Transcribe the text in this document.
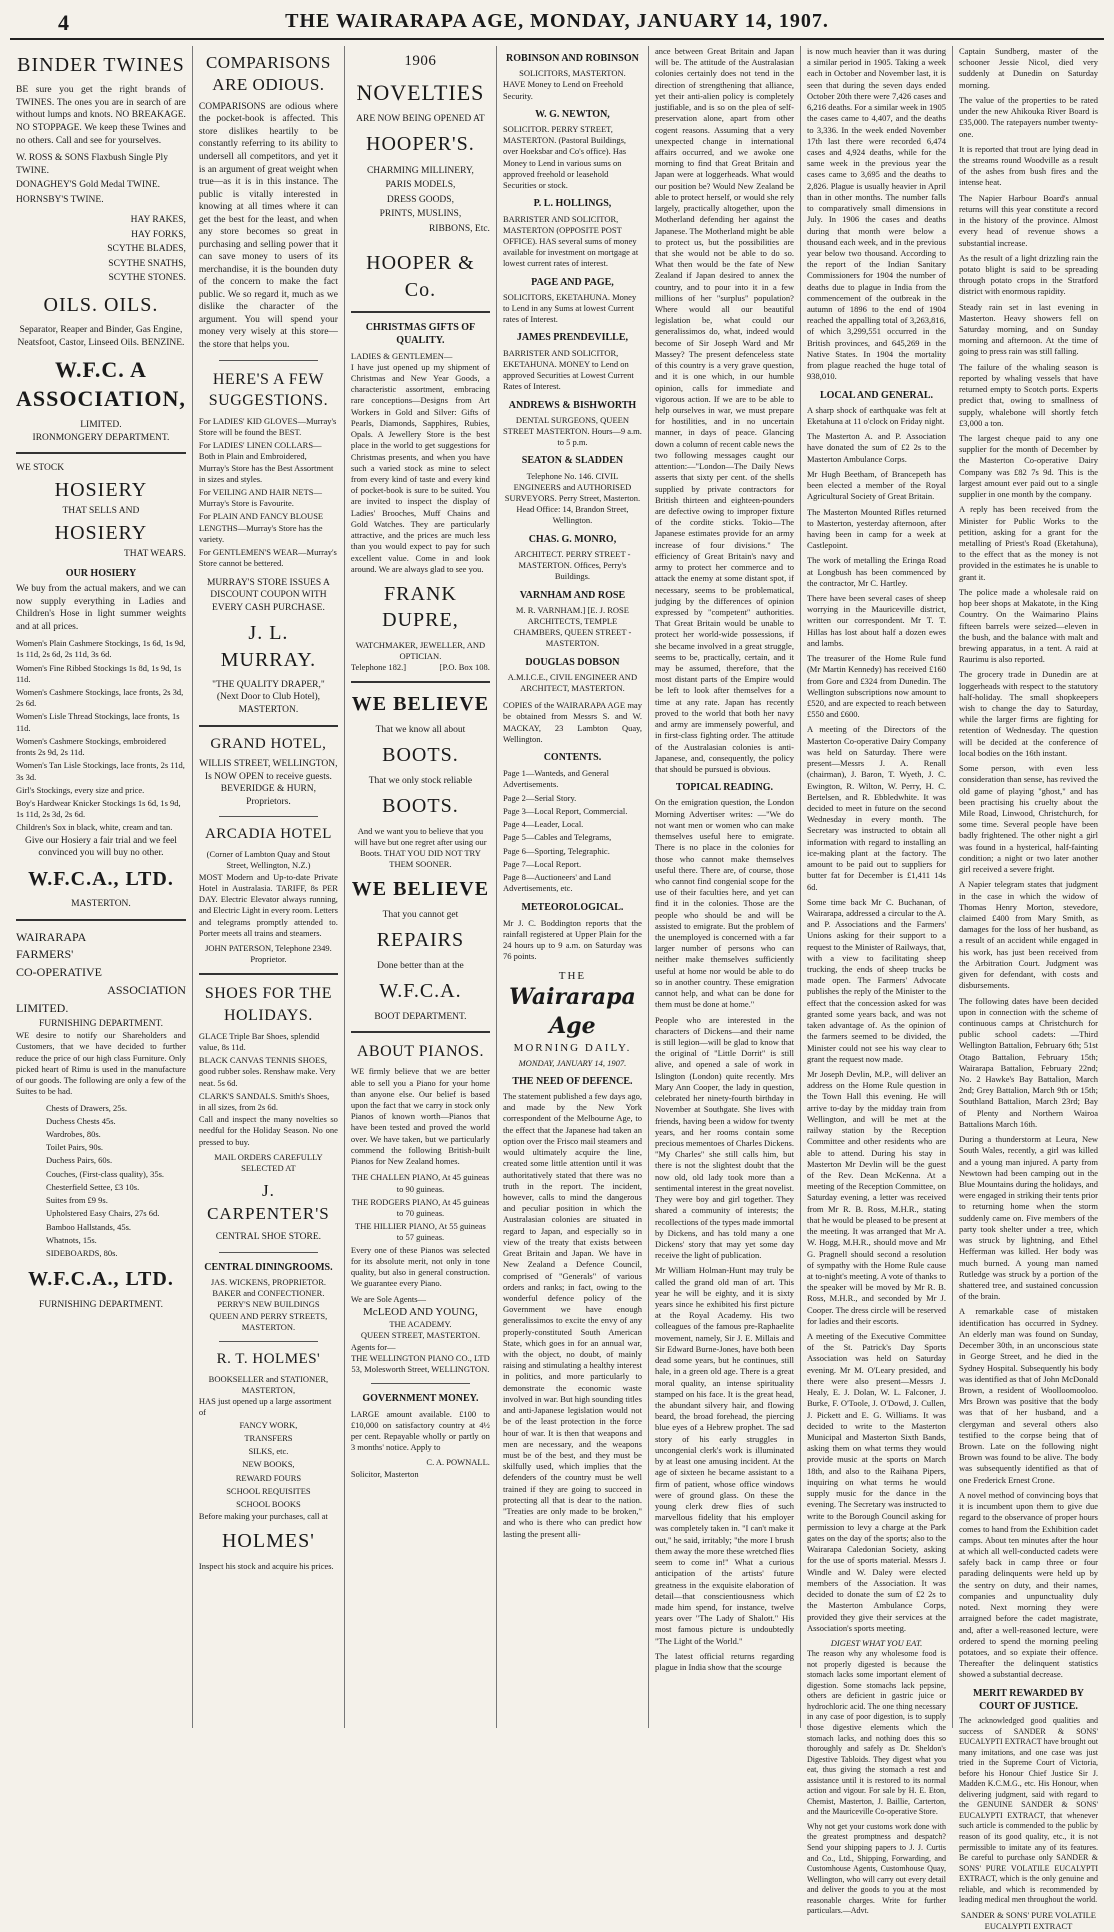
4	THE WAIRARAPA AGE, MONDAY, JANUARY 14, 1907.
BINDER TWINES

BE sure you get the right brands of TWINES. The ones you are in search of are without lumps and knots. NO BREAKAGE. NO STOPPAGE. We keep these Twines and no others. Call and see for yourselves.

W. ROSS & SONS Flaxbush Single Ply TWINE.
DONAGHEY'S Gold Medal TWINE.
HORNSBY'S TWINE.
HAY RAKES,
HAY FORKS,
SCYTHE BLADES,
SCYTHE SNATHS,
SCYTHE STONES.
OILS. OILS.

Separator, Reaper and Binder, Gas Engine, Neatsfoot, Castor, Linseed Oils. BENZINE.

W.F.C. A ASSOCIATION,
LIMITED.
IRONMONGERY DEPARTMENT.
WE STOCK
HOSIERY
THAT SELLS AND
HOSIERY
THAT WEARS.
OUR HOSIERY

We buy from the actual makers, and we can now supply everything in Ladies and Children's Hose in light summer weights and at all prices.

Women's Plain Cashmere Stockings, 1s 6d, 1s 9d, 1s 11d, 2s 6d, 2s 11d, 3s 6d.
Women's Fine Ribbed Stockings 1s 8d, 1s 9d, 1s 11d.
Women's Cashmere Stockings, lace fronts, 2s 3d, 2s 6d.
Women's Lisle Thread Stockings, lace fronts, 1s 11d.
Women's Cashmere Stockings, embroidered fronts 2s 9d, 2s 11d.
Women's Tan Lisle Stockings, lace fronts, 2s 11d, 3s 3d.
Girl's Stockings, every size and price.
Boy's Hardwear Knicker Stockings 1s 6d, 1s 9d, 1s 11d, 2s 3d, 2s 6d.
Children's Sox in black, white, cream and tan.

Give our Hosiery a fair trial and we feel convinced you will buy no other.

W.F.C.A., LTD.
MASTERTON.
WAIRARAPA
FARMERS'
CO-OPERATIVE
ASSOCIATION
LIMITED.
FURNISHING DEPARTMENT.

WE desire to notify our Shareholders and Customers, that we have decided to further reduce the price of our high class Furniture. Only picked heart of Rimu is used in the manufacture of our goods. The following are only a few of the Suites to be had.

Chests of Drawers, 25s.
Duchess Chests 45s.
Wardrobes, 80s.
Toilet Pairs, 90s.
Duchess Pairs, 60s.
Couches, (First-class quality), 35s.
Chesterfield Settee, £3 10s.
Suites from £9 9s.
Upholstered Easy Chairs, 27s 6d.
Bamboo Hallstands, 45s.
Whatnots, 15s.
SIDEBOARDS, 80s.
W.F.C.A., LTD.
FURNISHING DEPARTMENT.
COMPARISONS ARE ODIOUS.

COMPARISONS are odious where the pocket-book is affected. This store dislikes heartily to be constantly referring to its ability to undersell all competitors, and yet it is an argument of great weight when true—as it is in this instance. The public is vitally interested in knowing at all times where it can get the best for the least, and when any store becomes so great in purchasing and selling power that it can save money to users of its merchandise, it is the bounden duty of the concern to make the fact public. We so regard it, much as we dislike the character of the argument. You will spend your money very wisely at this store—the store that helps you.

HERE'S A FEW SUGGESTIONS.
For LADIES' KID GLOVES—Murray's Store will be found the BEST.
For LADIES' LINEN COLLARS—Both in Plain and Embroidered, Murray's Store has the Best Assortment in sizes and styles.
For VEILING AND HAIR NETS—Murray's Store is Favourite.
For PLAIN AND FANCY BLOUSE LENGTHS—Murray's Store has the variety.
For GENTLEMEN'S WEAR—Murray's Store cannot be bettered.

MURRAY'S STORE ISSUES A DISCOUNT COUPON WITH EVERY CASH PURCHASE.

J. L. MURRAY.
"THE QUALITY DRAPER,"
(Next Door to Club Hotel), MASTERTON.
GRAND HOTEL,
WILLIS STREET, WELLINGTON,
Is NOW OPEN to receive guests.
BEVERIDGE & HURN, Proprietors.
ARCADIA HOTEL
(Corner of Lambton Quay and Stout Street, Wellington, N.Z.)

MOST Modern and Up-to-date Private Hotel in Australasia. TARIFF, 8s PER DAY. Electric Elevator always running, and Electric Light in every room. Letters and telegrams promptly attended to. Porter meets all trains and steamers.

JOHN PATERSON, Telephone 2349. Proprietor.
SHOES FOR THE HOLIDAYS.
GLACE Triple Bar Shoes, splendid value, 8s 11d.
BLACK CANVAS TENNIS SHOES, good rubber soles. Renshaw make. Very neat. 5s 6d.
CLARK'S SANDALS. Smith's Shoes, in all sizes, from 2s 6d.

Call and inspect the many novelties so needful for the Holiday Season. No one pressed to buy.

MAIL ORDERS CAREFULLY SELECTED AT
J. CARPENTER'S
CENTRAL SHOE STORE.
CENTRAL DININGROOMS.
JAS. WICKENS, PROPRIETOR.
BAKER and CONFECTIONER. PERRY'S NEW BUILDINGS
QUEEN AND PERRY STREETS, MASTERTON.
R. T. HOLMES'
BOOKSELLER and STATIONER, MASTERTON,
HAS just opened up a large assortment of
FANCY WORK,
TRANSFERS
SILKS, etc.
NEW BOOKS,
REWARD FOURS
SCHOOL REQUISITES
SCHOOL BOOKS
Before making your purchases, call at
HOLMES'
Inspect his stock and acquire his prices.
1906
NOVELTIES
ARE NOW BEING OPENED AT
HOOPER'S.
CHARMING MILLINERY,
PARIS MODELS,
DRESS GOODS,
PRINTS, MUSLINS,
RIBBONS, Etc.
HOOPER & Co.
CHRISTMAS GIFTS OF QUALITY.
LADIES & GENTLEMEN—

I have just opened up my shipment of Christmas and New Year Goods, a characteristic assortment, embracing rare conceptions—Designs from Art Workers in Gold and Silver: Gifts of Pearls, Diamonds, Sapphires, Rubies, Opals. A Jewellery Store is the best place in the world to get suggestions for Christmas presents, and when you have such a varied stock as mine to select from every kind of taste and every kind of pocket-book is sure to be suited. You are invited to inspect the display of Ladies' Brooches, Muff Chains and Gold Watches. They are particularly attractive, and the prices are much less than you would expect to pay for such excellent value. Come in and look around. We are always glad to see you.

FRANK DUPRE,
WATCHMAKER, JEWELLER, AND OPTICIAN.
Telephone 182.]	[P.O. Box 108.
WE BELIEVE
That we know all about
BOOTS.
That we only stock reliable
BOOTS.

And we want you to believe that you will have but one regret after using our Boots. THAT YOU DID NOT TRY THEM SOONER.

WE BELIEVE
That you cannot get
REPAIRS
Done better than at the
W.F.C.A.
BOOT DEPARTMENT.
ABOUT PIANOS.

WE firmly believe that we are better able to sell you a Piano for your home than anyone else. Our belief is based upon the fact that we carry in stock only Pianos of known worth—Pianos that have been tested and proved the world over. We have taken, but we particularly commend the following British-built Pianos for New Zealand homes.

THE CHALLEN PIANO, At 45 guineas to 90 guineas.
THE RODGERS PIANO, At 45 guineas to 70 guineas.
THE HILLIER PIANO, At 55 guineas to 57 guineas.

Every one of these Pianos was selected for its absolute merit, not only in tone quality, but also in general construction. We guarantee every Piano.

We are Sole Agents—
McLEOD AND YOUNG,
THE ACADEMY.
QUEEN STREET, MASTERTON.
Agents for—
THE WELLINGTON PIANO CO., LTD 53, Molesworth Street, WELLINGTON.
GOVERNMENT MONEY.

LARGE amount available. £100 to £10,000 on satisfactory country at 4½ per cent. Repayable wholly or partly on 3 months' notice. Apply to

C. A. POWNALL.
Solicitor, Masterton
ROBINSON AND ROBINSON
SOLICITORS, MASTERTON.
HAVE Money to Lend on Freehold Security.
W. G. NEWTON,
SOLICITOR. PERRY STREET, MASTERTON. (Pastoral Buildings, over Hoeksbar and Co's office). Has Money to Lend in various sums on approved freehold or leasehold Securities or stock.
P. L. HOLLINGS,
BARRISTER AND SOLICITOR, MASTERTON (OPPOSITE POST OFFICE). HAS several sums of money available for investment on mortgage at lowest current rates of interest.
PAGE AND PAGE,
SOLICITORS, EKETAHUNA. Money to Lend in any Sums at lowest Current rates of Interest.
JAMES PRENDEVILLE,
BARRISTER AND SOLICITOR, EKETAHUNA. MONEY to Lend on approved Securities at Lowest Current Rates of Interest.
ANDREWS & BISHWORTH
DENTAL SURGEONS, QUEEN STREET MASTERTON. Hours—9 a.m. to 5 p.m.
SEATON & SLADDEN
Telephone No. 146. CIVIL ENGINEERS and AUTHORISED SURVEYORS. Perry Street, Masterton. Head Office: 14, Brandon Street, Wellington.
CHAS. G. MONRO,
ARCHITECT. PERRY STREET - MASTERTON. Offices, Perry's Buildings.
VARNHAM AND ROSE
M. R. VARNHAM.] [E. J. ROSE ARCHITECTS, TEMPLE CHAMBERS, QUEEN STREET - MASTERTON.
DOUGLAS DOBSON
A.M.I.C.E., CIVIL ENGINEER AND ARCHITECT, MASTERTON.

COPIES of the WAIRARAPA AGE may be obtained from Messrs S. and W. MACKAY, 23 Lambton Quay, Wellington.

CONTENTS.
Page 1—Wanteds, and General Advertisements.
Page 2—Serial Story.
Page 3—Local Report, Commercial.
Page 4—Leader, Local.
Page 5—Cables and Telegrams,
Page 6—Sporting, Telegraphic.
Page 7—Local Report.
Page 8—Auctioneers' and Land Advertisements, etc.
METEOROLOGICAL.

Mr J. C. Boddington reports that the rainfall registered at Upper Plain for the 24 hours up to 9 a.m. on Saturday was 76 points.

THE
Wairarapa Age
MORNING DAILY.
MONDAY, JANUARY 14, 1907.
THE NEED OF DEFENCE.

The statement published a few days ago, and made by the New York correspondent of the Melbourne Age, to the effect that the Japanese had taken an option over the Frisco mail steamers and would ultimately acquire the line, created some little attention until it was authoritatively stated that there was no truth in the report. The incident, however, calls to mind the dangerous and peculiar position in which the Australasian colonies are situated in regard to Japan, and especially so in view of the treaty that exists between Great Britain and Japan. We have in New Zealand a Defence Council, comprised of "Generals" of various orders and ranks; in fact, owing to the wonderful defence policy of the Government we have enough generalissimos to excite the envy of any properly-constituted South American State, which goes in for an annual war, with the object, no doubt, of mainly raising and stimulating a healthy interest in politics, and more particularly to demonstrate the economic waste involved in war. But high sounding titles and anti-Japanese legislation would not be of the least protection in the force hour of war. It is then that weapons and men are necessary, and the weapons must be of the best, and they must be skilfully used, which implies that the defenders of the country must be well trained if they are going to succeed in protecting all that is dear to the nation. "Treaties are only made to be broken," and who is there who can predict how lasting the present alli-

ance between Great Britain and Japan will be. The attitude of the Australasian colonies certainly does not tend in the direction of strengthening that alliance, yet their anti-alien policy is completely justifiable, and is so on the plea of self-preservation alone, apart from other cogent reasons. Assuming that a very unexpected change in international affairs occurred, and we awoke one morning to find that Great Britain and Japan were at loggerheads. What would our position be? Would New Zealand be able to protect herself, or would she rely largely, practically altogether, upon the Motherland defending her against the Japanese. The Motherland might be able to protect us, but the possibilities are that she would not be able to do so. What then would be the fate of New Zealand if Japan desired to annex the country, and to pour into it in a few millions of her "surplus" population? Where would all our beautiful legislation be, what could our generalissimos do, what, indeed would become of Sir Joseph Ward and Mr Massey? The present defenceless state of this country is a very grave question, and it is one which, in our humble opinion, calls for immediate and vigorous action. If we are to be able to help ourselves in war, we must prepare for hostilities, and in no uncertain manner, in days of peace. Glancing down a column of recent cable news the two following messages caught our attention:—"London—The Daily News asserts that sixty per cent. of the shells supplied by private contractors for British thirteen and eighteen-pounders are defective owing to improper fixture of the cordite sticks. Tokio—The Japanese estimates provide for an army increase of four divisions." The efficiency of Great Britain's navy and army to protect her commerce and to attack the enemy at some distant spot, if necessary, seems to be problematical, judging by the differences of opinion expressed by "competent" authorities. That Great Britain would be unable to protect her world-wide possessions, if she became involved in a great struggle, seems to be, practically, certain, and it may be assumed, therefore, that the most distant parts of the Empire would be left to look after themselves for a time at any rate. Japan has recently proved to the world that both her navy and army are immensely powerful, and in first-class fighting order. The attitude of the Australasian colonies is anti-Japanese, and, consequently, the policy that should be pursued is obvious.

TOPICAL READING.

On the emigration question, the London Morning Advertiser writes: —"We do not want men or women who can make themselves useful here to emigrate. There is no place in the colonies for those who cannot make themselves useful there. There are, of course, those who cannot find congenial scope for the use of their faculties here, and yet can find it in the colonies. Those are the people who should be and will be assisted to emigrate. But the problem of the unemployed is concerned with a far larger number of persons who can neither make themselves sufficiently useful at home nor would be able to do so in another country. These emigration cannot help, and what can be done for them must be done at home."

People who are interested in the characters of Dickens—and their name is still legion—will be glad to know that the original of "Little Dorrit" is still alive, and opened a sale of work in Islington (London) quite recently. Mrs Mary Ann Cooper, the lady in question, celebrated her ninety-fourth birthday in November at Southgate. She lives with friends, having been a widow for twenty years, and her rooms contain some precious mementoes of Charles Dickens. "My Charles" she still calls him, but there is not the slightest doubt that the now old, old lady took more than a sentimental interest in the great novelist. They were boy and girl together. They shared a community of interests; the recollections of the types made immortal by Dickens, and has told many a one Dickens' story that may yet some day receive the light of publication.

Mr William Holman-Hunt may truly be called the grand old man of art. This year he will be eighty, and it is sixty years since he exhibited his first picture at the Royal Academy. His two colleagues of the famous pre-Raphaelite movement, namely, Sir J. E. Millais and Sir Edward Burne-Jones, have both been dead some years, but he continues, still hale, in a green old age. There is a great moral quality, an intense spirituality stamped on his face. It is the great head, the abundant silvery hair, and flowing beard, the broad forehead, the piercing blue eyes of a Hebrew prophet. The sad story of his early struggles in uncongenial clerk's work is illuminated by at least one amusing incident. At the age of sixteen he became assistant to a firm of patient, whose office windows were of ground glass. On these the young clerk drew flies of such marvellous fidelity that his employer was completely taken in. "I can't make it out," he said, irritably; "the more I brush them away the more these wretched flies seem to come in!" What a curious anticipation of the artists' future greatness in the exquisite elaboration of detail—that conscientiousness which made him spend, for instance, twelve years over "The Lady of Shalott." His most famous picture is undoubtedly "The Light of the World."

The latest official returns regarding plague in India show that the scourge

is now much heavier than it was during a similar period in 1905. Taking a week each in October and November last, it is seen that during the seven days ended October 20th there were 7,426 cases and 6,216 deaths. For a similar week in 1905 the cases came to 4,407, and the deaths to 3,336. In the week ended November 17th last there were recorded 6,474 cases and 4,924 deaths, while for the same week in the previous year the cases came to 3,695 and the deaths to 2,826. Plague is usually heavier in April than in other months. The number falls to comparatively small dimensions in July. In 1906 the cases and deaths during that month were below a thousand each week, and in the previous year below two thousand. According to the report of the Indian Sanitary Commissioners for 1904 the number of deaths due to plague in India from the commencement of the outbreak in the autumn of 1896 to the end of 1904 reached the appalling total of 3,263,816, of which 3,299,551 occurred in the British provinces, and 645,269 in the Native States. In 1904 the mortality from plague reached the huge total of 938,010.

LOCAL AND GENERAL.

A sharp shock of earthquake was felt at Eketahuna at 11 o'clock on Friday night.

The Masterton A. and P. Association have donated the sum of £2 2s to the Masterton Ambulance Corps.

Mr Hugh Beetham, of Brancepeth has been elected a member of the Royal Agricultural Society of Great Britain.

The Masterton Mounted Rifles returned to Masterton, yesterday afternoon, after having been in camp for a week at Castlepoint.

The work of metalling the Eringa Road at Longbush has been commenced by the contractor, Mr C. Hartley.

There have been several cases of sheep worrying in the Mauriceville district, written our correspondent. Mr T. T. Hillas has lost about half a dozen ewes and lambs.

The treasurer of the Home Rule fund (Mr Martin Kennedy) has received £160 from Gore and £324 from Dunedin. The Wellington subscriptions now amount to £520, and are expected to reach between £550 and £600.

A meeting of the Directors of the Masterton Co-operative Dairy Company was held on Saturday. There were present—Messrs J. A. Renall (chairman), J. Baron, T. Wyeth, J. C. Ewington, R. Wilton, W. Perry, H. C. Bertelsen, and R. Ebbledwhite. It was decided to meet in future on the second Wednesday in every month. The Secretary was instructed to obtain all information with regard to installing an ice-making plant at the factory. The amount to be paid out to suppliers for butter fat for December is £1,411 14s 6d.

Some time back Mr C. Buchanan, of Wairarapa, addressed a circular to the A. and P. Associations and the Farmers' Unions asking for their support to a request to the Minister of Railways, that, with a view to facilitating sheep trucking, the ends of sheep trucks be made open. The Farmers' Advocate publishes the reply of the Minister to the effect that the concession asked for was granted some years back, and was not taken advantage of. As the opinion of the farmers seemed to be divided, the Minister could not see his way clear to grant the request now made.

Mr Joseph Devlin, M.P., will deliver an address on the Home Rule question in the Town Hall this evening. He will arrive to-day by the midday train from Wellington, and will be met at the railway station by the Reception Committee and other residents who are able to attend. During his stay in Masterton Mr Devlin will be the guest of the Rev. Dean McKenna. At a meeting of the Reception Committee, on Saturday evening, a letter was received from Mr R. B. Ross, M.H.R., stating that he would be pleased to be present at the meeting. It was arranged that Mr A. W. Hogg, M.H.R., should move and Mr G. Pragnell should second a resolution of sympathy with the Home Rule cause at to-night's meeting. A vote of thanks to the speaker will be moved by Mr R. B. Ross, M.H.R., and seconded by Mr J. Cooper. The dress circle will be reserved for ladies and their escorts.

A meeting of the Executive Committee of the St. Patrick's Day Sports Association was held on Saturday evening. Mr M. O'Leary presided, and there were also present—Messrs J. Healy, E. J. Dolan, W. L. Falconer, J. Burke, F. O'Toole, J. O'Dowd, J. Cullen, J. Pickett and E. G. Williams. It was decided to write to the Masterton Municipal and Masterton Sixth Bands, asking them on what terms they would provide music at the sports on March 18th, and also to the Raihana Pipers, inquiring on what terms he would supply music for the dance in the evening. The Secretary was instructed to write to the Borough Council asking for permission to levy a charge at the Park gates on the day of the sports; also to the Wairarapa Caledonian Society, asking for the use of sports material. Messrs J. Windle and W. Daley were elected members of the Association. It was decided to donate the sum of £2 2s to the Masterton Ambulance Corps, provided they give their services at the Association's sports meeting.

DIGEST WHAT YOU EAT.

The reason why any wholesome food is not properly digested is because the stomach lacks some important element of digestion. Some stomachs lack pepsine, others are deficient in gastric juice or hydrochloric acid. The one thing necessary in any case of poor digestion, is to supply those digestive elements which the stomach lacks, and nothing does this so thoroughly and safely as Dr. Sheldon's Digestive Tabloids. They digest what you eat, thus giving the stomach a rest and assistance until it is restored to its normal action and vigour. For sale by H. E. Eton, Chemist, Masterton, J. Baillie, Carterton, and the Mauriceville Co-operative Store.

Why not get your customs work done with the greatest promptness and despatch? Send your shipping papers to J. J. Curtis and Co., Ltd., Shipping, Forwarding, and Customhouse Agents, Customhouse Quay, Wellington, who will carry out every detail and deliver the goods to you at the most reasonable charges. Write for further particulars.—Advt.

Captain Sundberg, master of the schooner Jessie Nicol, died very suddenly at Dunedin on Saturday morning.

The value of the properties to be rated under the new Ahikouka River Board is £35,000. The ratepayers number twenty-one.

It is reported that trout are lying dead in the streams round Woodville as a result of the ashes from bush fires and the intense heat.

The Napier Harbour Board's annual returns will this year constitute a record in the history of the province. Almost every head of revenue shows a substantial increase.

As the result of a light drizzling rain the potato blight is said to be spreading through potato crops in the Stratford district with enormous rapidity.

Steady rain set in last evening in Masterton. Heavy showers fell on Saturday morning, and on Sunday morning and afternoon. At the time of going to press rain was still falling.

The failure of the whaling season is reported by whaling vessels that have returned empty to Scotch ports. Experts predict that, owing to smallness of supply, whalebone will shortly fetch £3,000 a ton.

The largest cheque paid to any one supplier for the month of December by the Masterton Co-operative Dairy Company was £82 7s 9d. This is the largest amount ever paid out to a single supplier in one month by the company.

A reply has been received from the Minister for Public Works to the petition, asking for a grant for the metalling of Priest's Road (Eketahuna), to the effect that as the money is not provided in the estimates he is unable to grant it.

The police made a wholesale raid on hop beer shops at Makatote, in the King Country. On the Waimarino Plains fifteen barrels were seized—eleven in the bush, and the balance with malt and brewing apparatus, in a tent. A raid at Raurimu is also reported.

The grocery trade in Dunedin are at loggerheads with respect to the statutory half-holiday. The small shopkeepers wish to change the day to Saturday, while the larger firms are fighting for retention of Wednesday. The question will be decided at the conference of local bodies on the 16th instant.

Some person, with even less consideration than sense, has revived the old game of playing "ghost," and has been practising his cruelty about the Mile Road, Linwood, Christchurch, for some time. Several people have been badly frightened. The other night a girl was found in a hysterical, half-fainting condition; a night or two later another girl received a severe fright.

A Napier telegram states that judgment in the case in which the widow of Thomas Henry Morton, stevedore, claimed £400 from Mary Smith, as damages for the loss of her husband, as a result of an accident while engaged in his work, has just been received from the Arbitration Court. Judgment was given for defendant, with costs and disbursements.

The following dates have been decided upon in connection with the scheme of continuous camps at Christchurch for public school cadets: —Third Wellington Battalion, February 6th; 51st Otago Battalion, February 15th; Wairarapa Battalion, February 22nd; No. 2 Hawke's Bay Battalion, March 2nd; Grey Battalion, March 9th or 15th; Southland Battalion, March 23rd; Bay of Plenty and Northern Wairoa Battalions March 16th.

During a thunderstorm at Leura, New South Wales, recently, a girl was killed and a young man injured. A party from Newtown had been camping out in the Blue Mountains during the holidays, and were engaged in striking their tents prior to returning home when the storm suddenly came on. Five members of the party took shelter under a tree, which was struck by lightning, and Ethel Hefferman was killed. Her body was much burned. A young man named Rutledge was struck by a portion of the shattered tree, and sustained concussion of the brain.

A remarkable case of mistaken identification has occurred in Sydney. An elderly man was found on Sunday, December 30th, in an unconscious state in George Street, and he died in the Sydney Hospital. Subsequently his body was identified as that of John McDonald Brown, a resident of Woolloomooloo. Mrs Brown was positive that the body was that of her husband, and a clergyman and several others also testified to the corpse being that of Brown. Late on the following night Brown was found to be alive. The body was subsequently identified as that of one Frederick Ernest Crone.

A novel method of convincing boys that it is incumbent upon them to give due regard to the observance of proper hours comes to hand from the Exhibition cadet camps. About ten minutes after the hour at which all well-conducted cadets were safely back in camp three or four parading delinquents were held up by the sentry on duty, and their names, companies and unpunctuality duly noted. Next morning they were arraigned before the cadet magistrate, and, after a well-reasoned lecture, were ordered to spend the morning peeling potatoes, and so expiate their offence. Thereafter the delinquent statistics showed a substantial decrease.

MERIT REWARDED BY COURT OF JUSTICE.

The acknowledged good qualities and success of SANDER & SONS' EUCALYPTI EXTRACT have brought out many imitations, and one case was just tried in the Supreme Court of Victoria, before his Honour Chief Justice Sir J. Madden K.C.M.G., etc. His Honour, when delivering judgment, said with regard to the GENUINE SANDER & SONS' EUCALYPTI EXTRACT, that whenever such article is commended to the public by reason of its good quality, etc., it is not permissible to imitate any of its features. Be careful to purchase only SANDER & SONS' PURE VOLATILE EUCALYPTI EXTRACT, which is the only genuine and reliable, and which is recommended by leading medical men throughout the world.

SANDER & SONS' PURE VOLATILE EUCALYPTI EXTRACT
